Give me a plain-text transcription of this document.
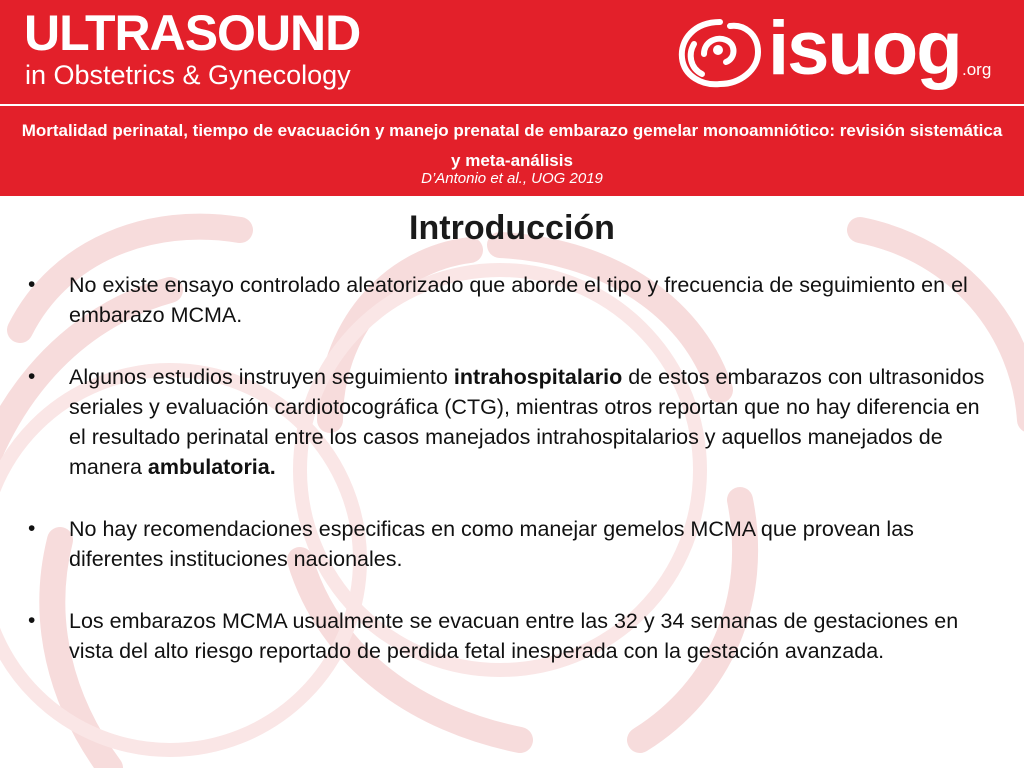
ULTRASOUND
in Obstetrics & Gynecology	isuog .org
Mortalidad perinatal, tiempo de evacuación y manejo prenatal de embarazo gemelar monoamniótico: revisión sistemática y meta-análisis
D’Antonio et al., UOG 2019
Introducción
• No existe ensayo controlado aleatorizado que aborde el tipo y frecuencia de seguimiento en el embarazo MCMA.
• Algunos estudios instruyen seguimiento intrahospitalario de estos embarazos con ultrasonidos seriales y evaluación cardiotocográfica (CTG), mientras otros reportan que no hay diferencia en el resultado perinatal entre los casos manejados intrahospitalarios y aquellos manejados de manera ambulatoria.
• No hay recomendaciones especificas en como manejar gemelos MCMA que provean las diferentes instituciones nacionales.
• Los embarazos MCMA usualmente se evacuan entre las 32 y 34 semanas de gestaciones en vista del alto riesgo reportado de perdida fetal inesperada con la gestación avanzada.
